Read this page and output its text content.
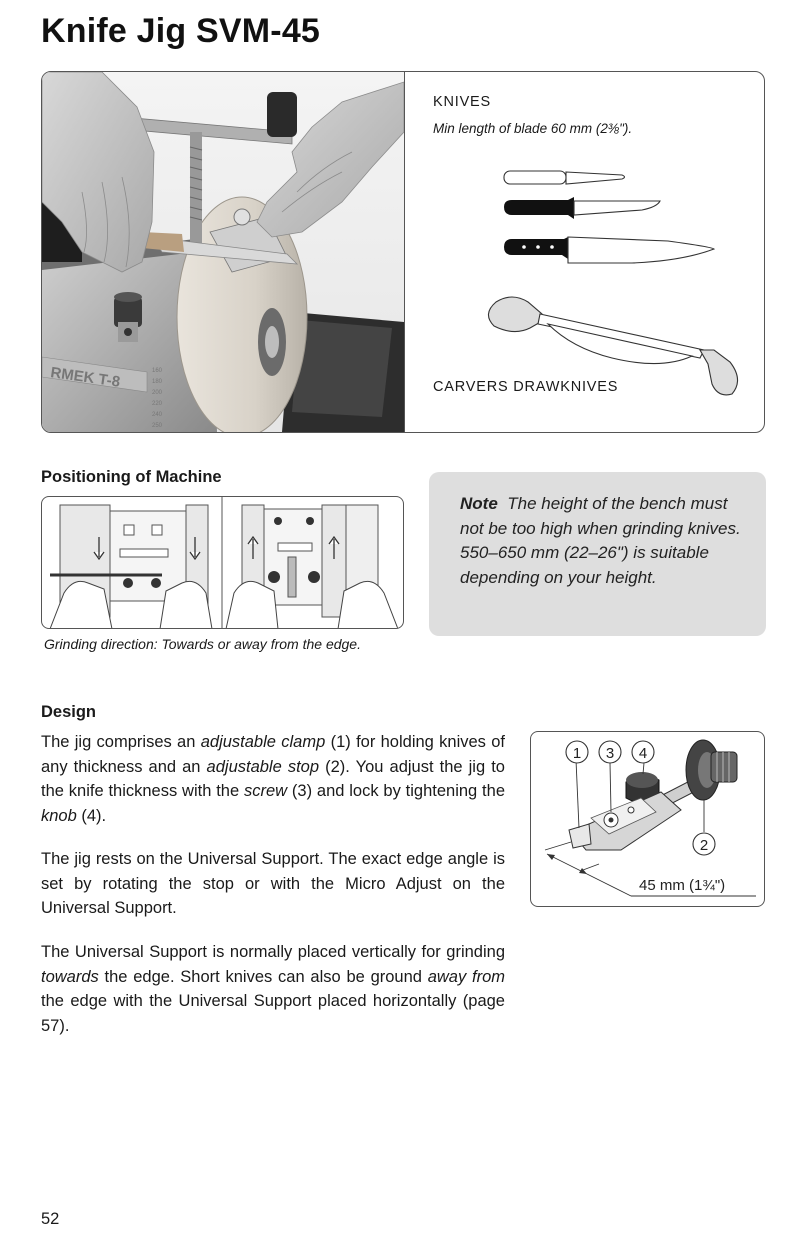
Knife Jig SVM-45
RMEK T-8	160
180
200
220
240
250
KNIVES
Min length of blade 60 mm (2⅜").
CARVERS DRAWKNIVES
Positioning of Machine
Grinding direction: Towards or away from the edge.
Note The height of the bench must not be too high when grinding knives. 550–650 mm (22–26") is suitable depending on your height.
Design
The jig comprises an adjustable clamp (1) for holding knives of any thickness and an adjustable stop (2). You adjust the jig to the knife thickness with the screw (3) and lock by tightening the knob (4).
The jig rests on the Universal Support. The exact edge angle is set by rotating the stop or with the Micro Adjust on the Universal Support.
The Universal Support is normally placed vertically for grinding towards the edge. Short knives can also be ground away from the edge with the Universal Support placed horizontally (page 57).
1 3 4
2
45 mm (1¾")
52
